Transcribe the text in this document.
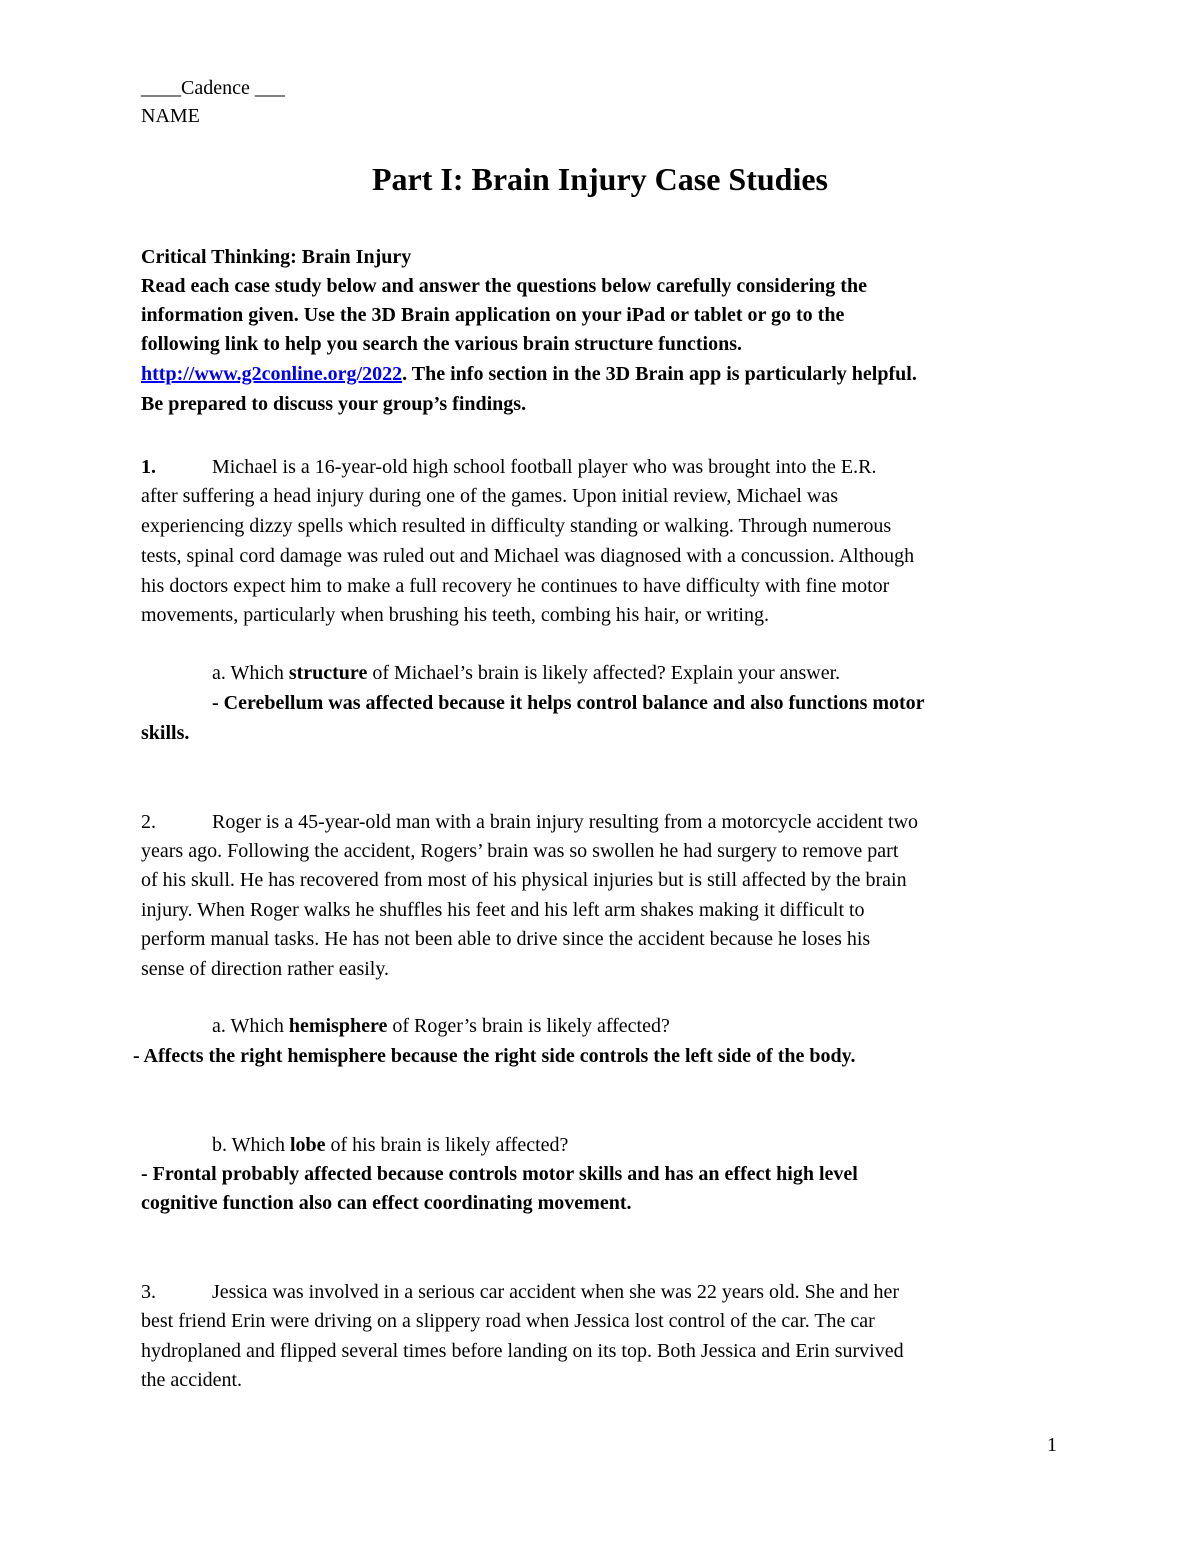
____Cadence ___
NAME
Part I: Brain Injury Case Studies
Critical Thinking: Brain Injury
Read each case study below and answer the questions below carefully considering the
information given. Use the 3D Brain application on your iPad or tablet or go to the
following link to help you search the various brain structure functions.
http://www.g2conline.org/2022. The info section in the 3D Brain app is particularly helpful.
Be prepared to discuss your group’s findings.
1.	Michael is a 16-year-old high school football player who was brought into the E.R.
after suffering a head injury during one of the games. Upon initial review, Michael was
experiencing dizzy spells which resulted in difficulty standing or walking. Through numerous
tests, spinal cord damage was ruled out and Michael was diagnosed with a concussion. Although
his doctors expect him to make a full recovery he continues to have difficulty with fine motor
movements, particularly when brushing his teeth, combing his hair, or writing.
a. Which structure of Michael’s brain is likely affected? Explain your answer.
- Cerebellum was affected because it helps control balance and also functions motor
skills.
2.	Roger is a 45-year-old man with a brain injury resulting from a motorcycle accident two
years ago. Following the accident, Rogers’ brain was so swollen he had surgery to remove part
of his skull. He has recovered from most of his physical injuries but is still affected by the brain
injury. When Roger walks he shuffles his feet and his left arm shakes making it difficult to
perform manual tasks. He has not been able to drive since the accident because he loses his
sense of direction rather easily.
a. Which hemisphere of Roger’s brain is likely affected?
- Affects the right hemisphere because the right side controls the left side of the body.
b. Which lobe of his brain is likely affected?
- Frontal probably affected because controls motor skills and has an effect high level
cognitive function also can effect coordinating movement.
3.	Jessica was involved in a serious car accident when she was 22 years old. She and her
best friend Erin were driving on a slippery road when Jessica lost control of the car. The car
hydroplaned and flipped several times before landing on its top. Both Jessica and Erin survived
the accident.
1
